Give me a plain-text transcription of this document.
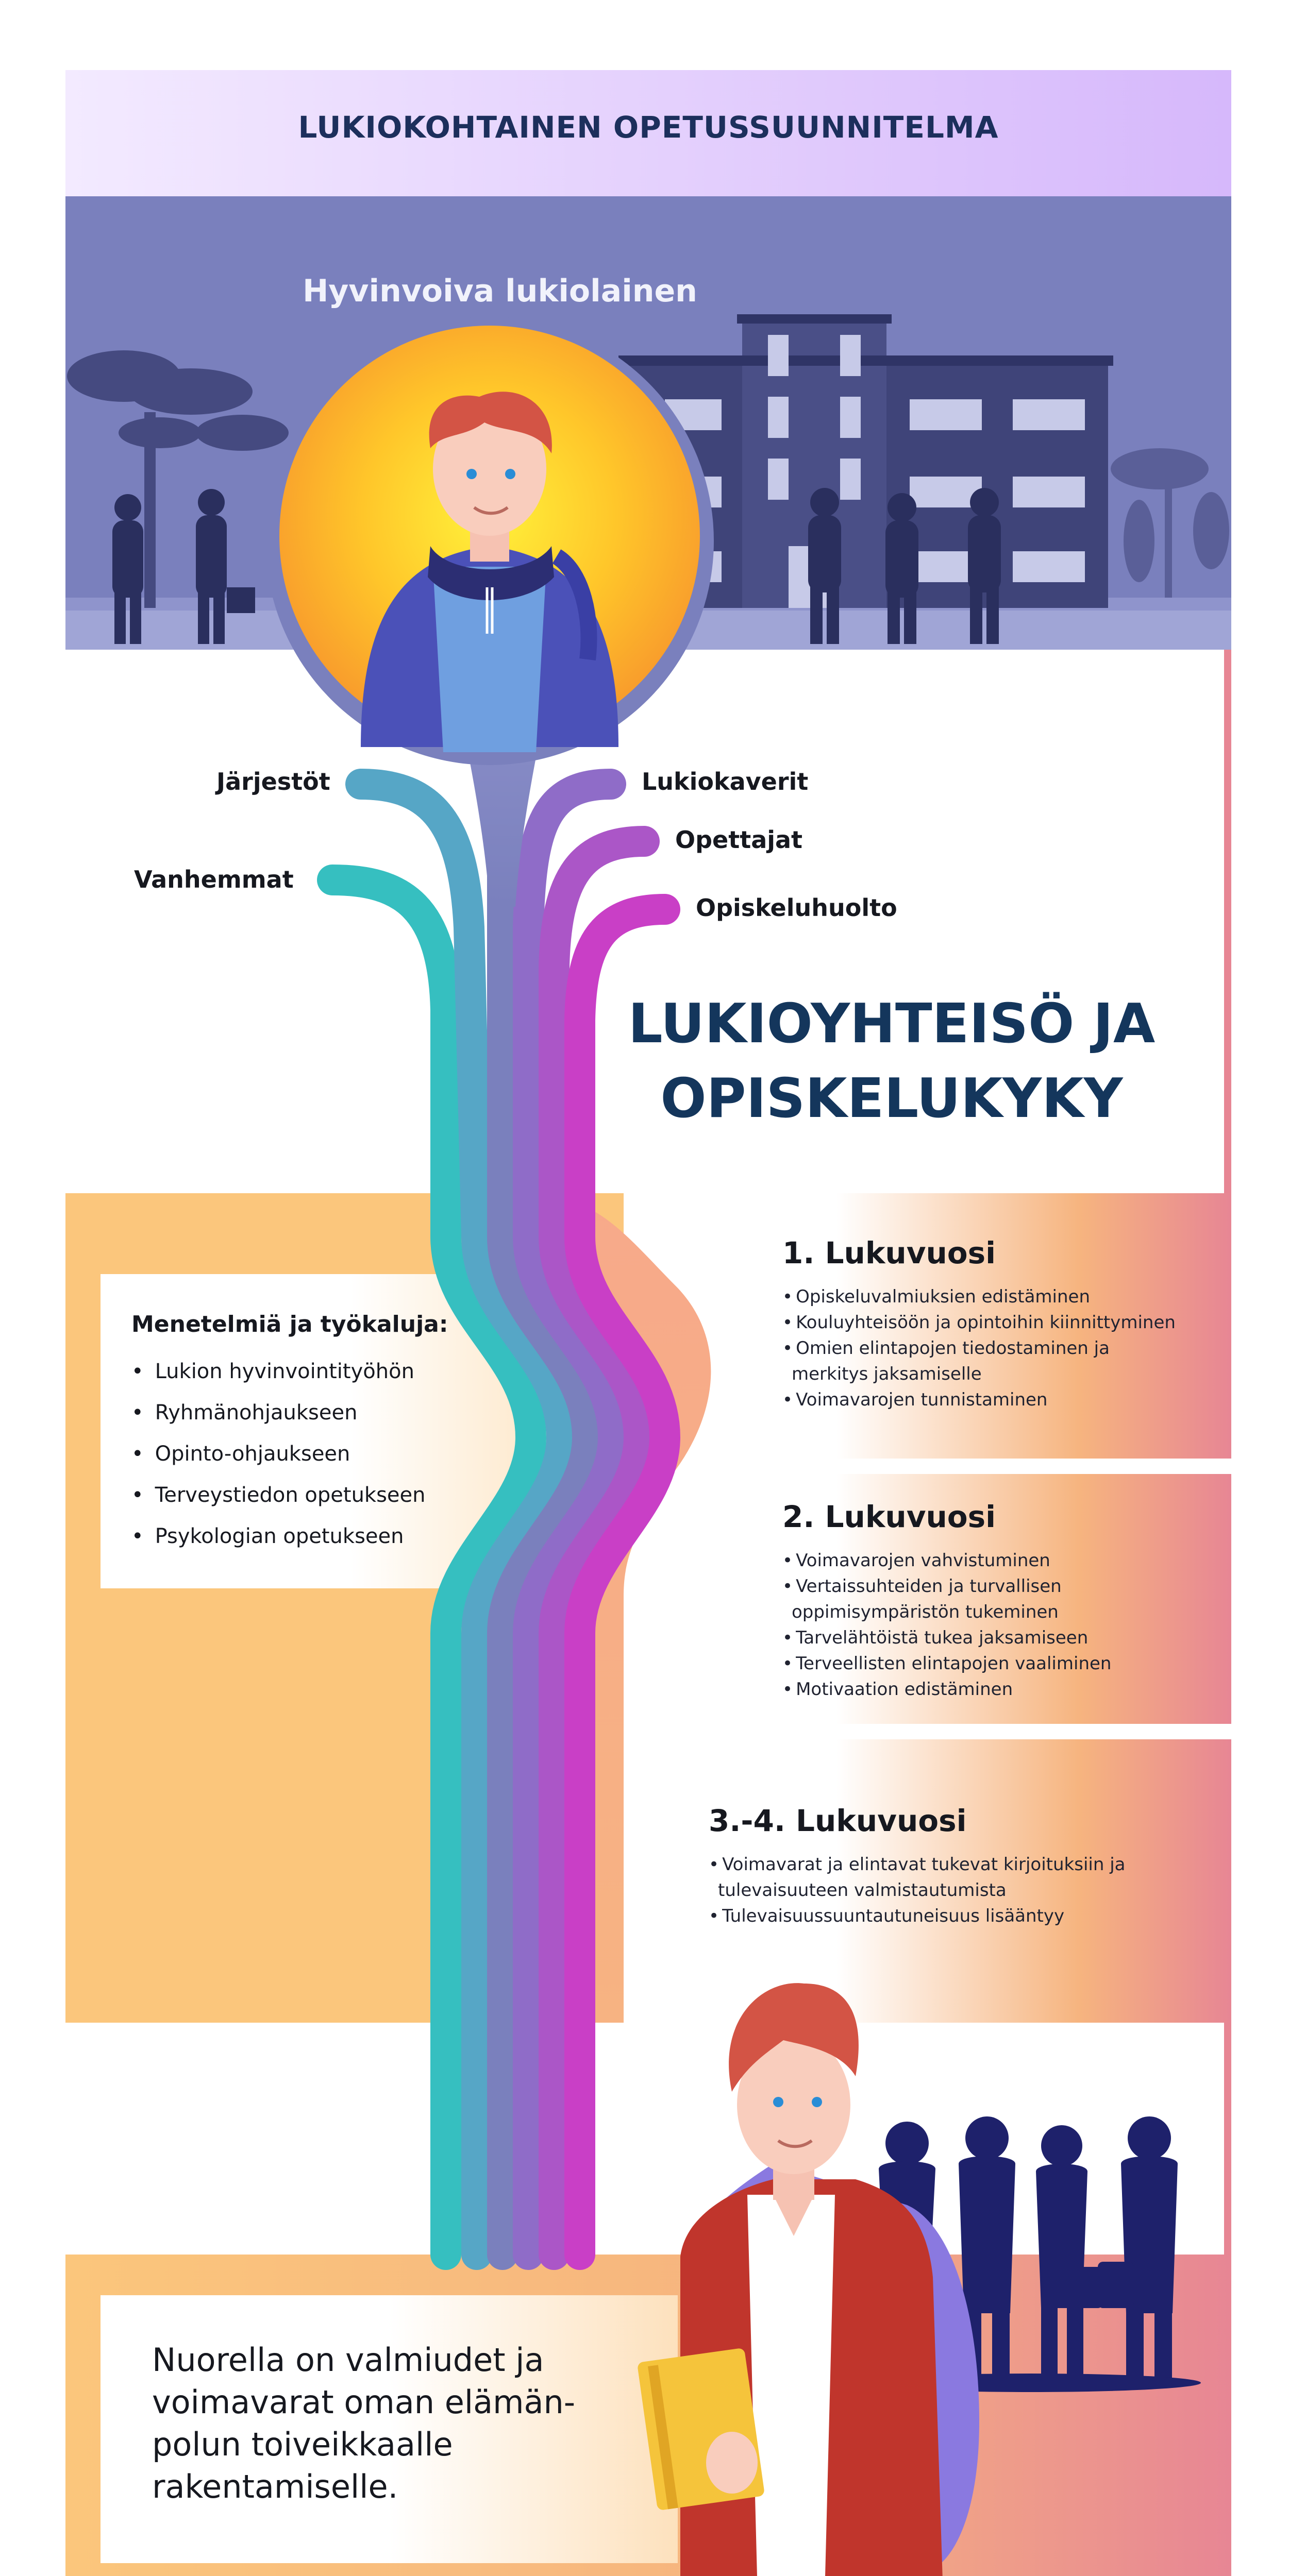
LUKIOKOHTAINEN OPETUSSUUNNITELMA
Hyvinvoiva lukiolainen
Järjestöt
Vanhemmat
Lukiokaverit
Opettajat
Opiskeluhuolto
LUKIOYHTEISÖ JA
OPISKELUKYKY
Menetelmiä ja työkaluja:
• Lukion hyvinvointityöhön
• Ryhmänohjaukseen
• Opinto-ohjaukseen
• Terveystiedon opetukseen
• Psykologian opetukseen
1. Lukuvuosi
• Opiskeluvalmiuksien edistäminen
• Kouluyhteisöön ja opintoihin kiinnittyminen
• Omien elintapojen tiedostaminen ja merkitys jaksamiselle
• Voimavarojen tunnistaminen
2. Lukuvuosi
• Voimavarojen vahvistuminen
• Vertaissuhteiden ja turvallisen oppimisympäristön tukeminen
• Tarvelähtöistä tukea jaksamiseen
• Terveellisten elintapojen vaaliminen
• Motivaation edistäminen
3.-4. Lukuvuosi
• Voimavarat ja elintavat tukevat kirjoituksiin ja tulevaisuuteen valmistautumista
• Tulevaisuussuuntautuneisuus lisääntyy
Nuorella on valmiudet ja voimavarat oman elämän-polun toiveikkaalle rakentamiselle.
